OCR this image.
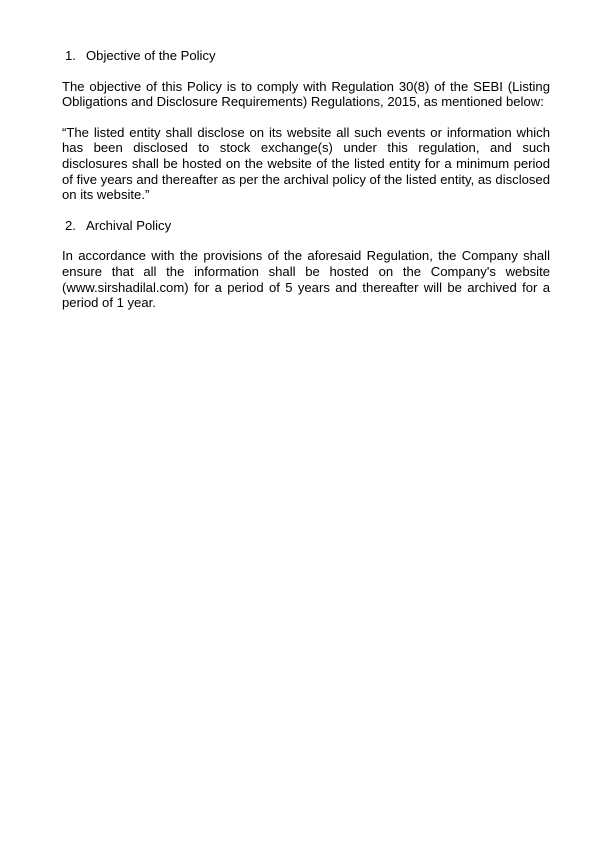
1. Objective of the Policy

The objective of this Policy is to comply with Regulation 30(8) of the SEBI (Listing Obligations and Disclosure Requirements) Regulations, 2015, as mentioned below:

“The listed entity shall disclose on its website all such events or information which has been disclosed to stock exchange(s) under this regulation, and such disclosures shall be hosted on the website of the listed entity for a minimum period of five years and thereafter as per the archival policy of the listed entity, as disclosed on its website.”

2. Archival Policy

In accordance with the provisions of the aforesaid Regulation, the Company shall ensure that all the information shall be hosted on the Company's website (www.sirshadilal.com) for a period of 5 years and thereafter will be archived for a period of 1 year.
